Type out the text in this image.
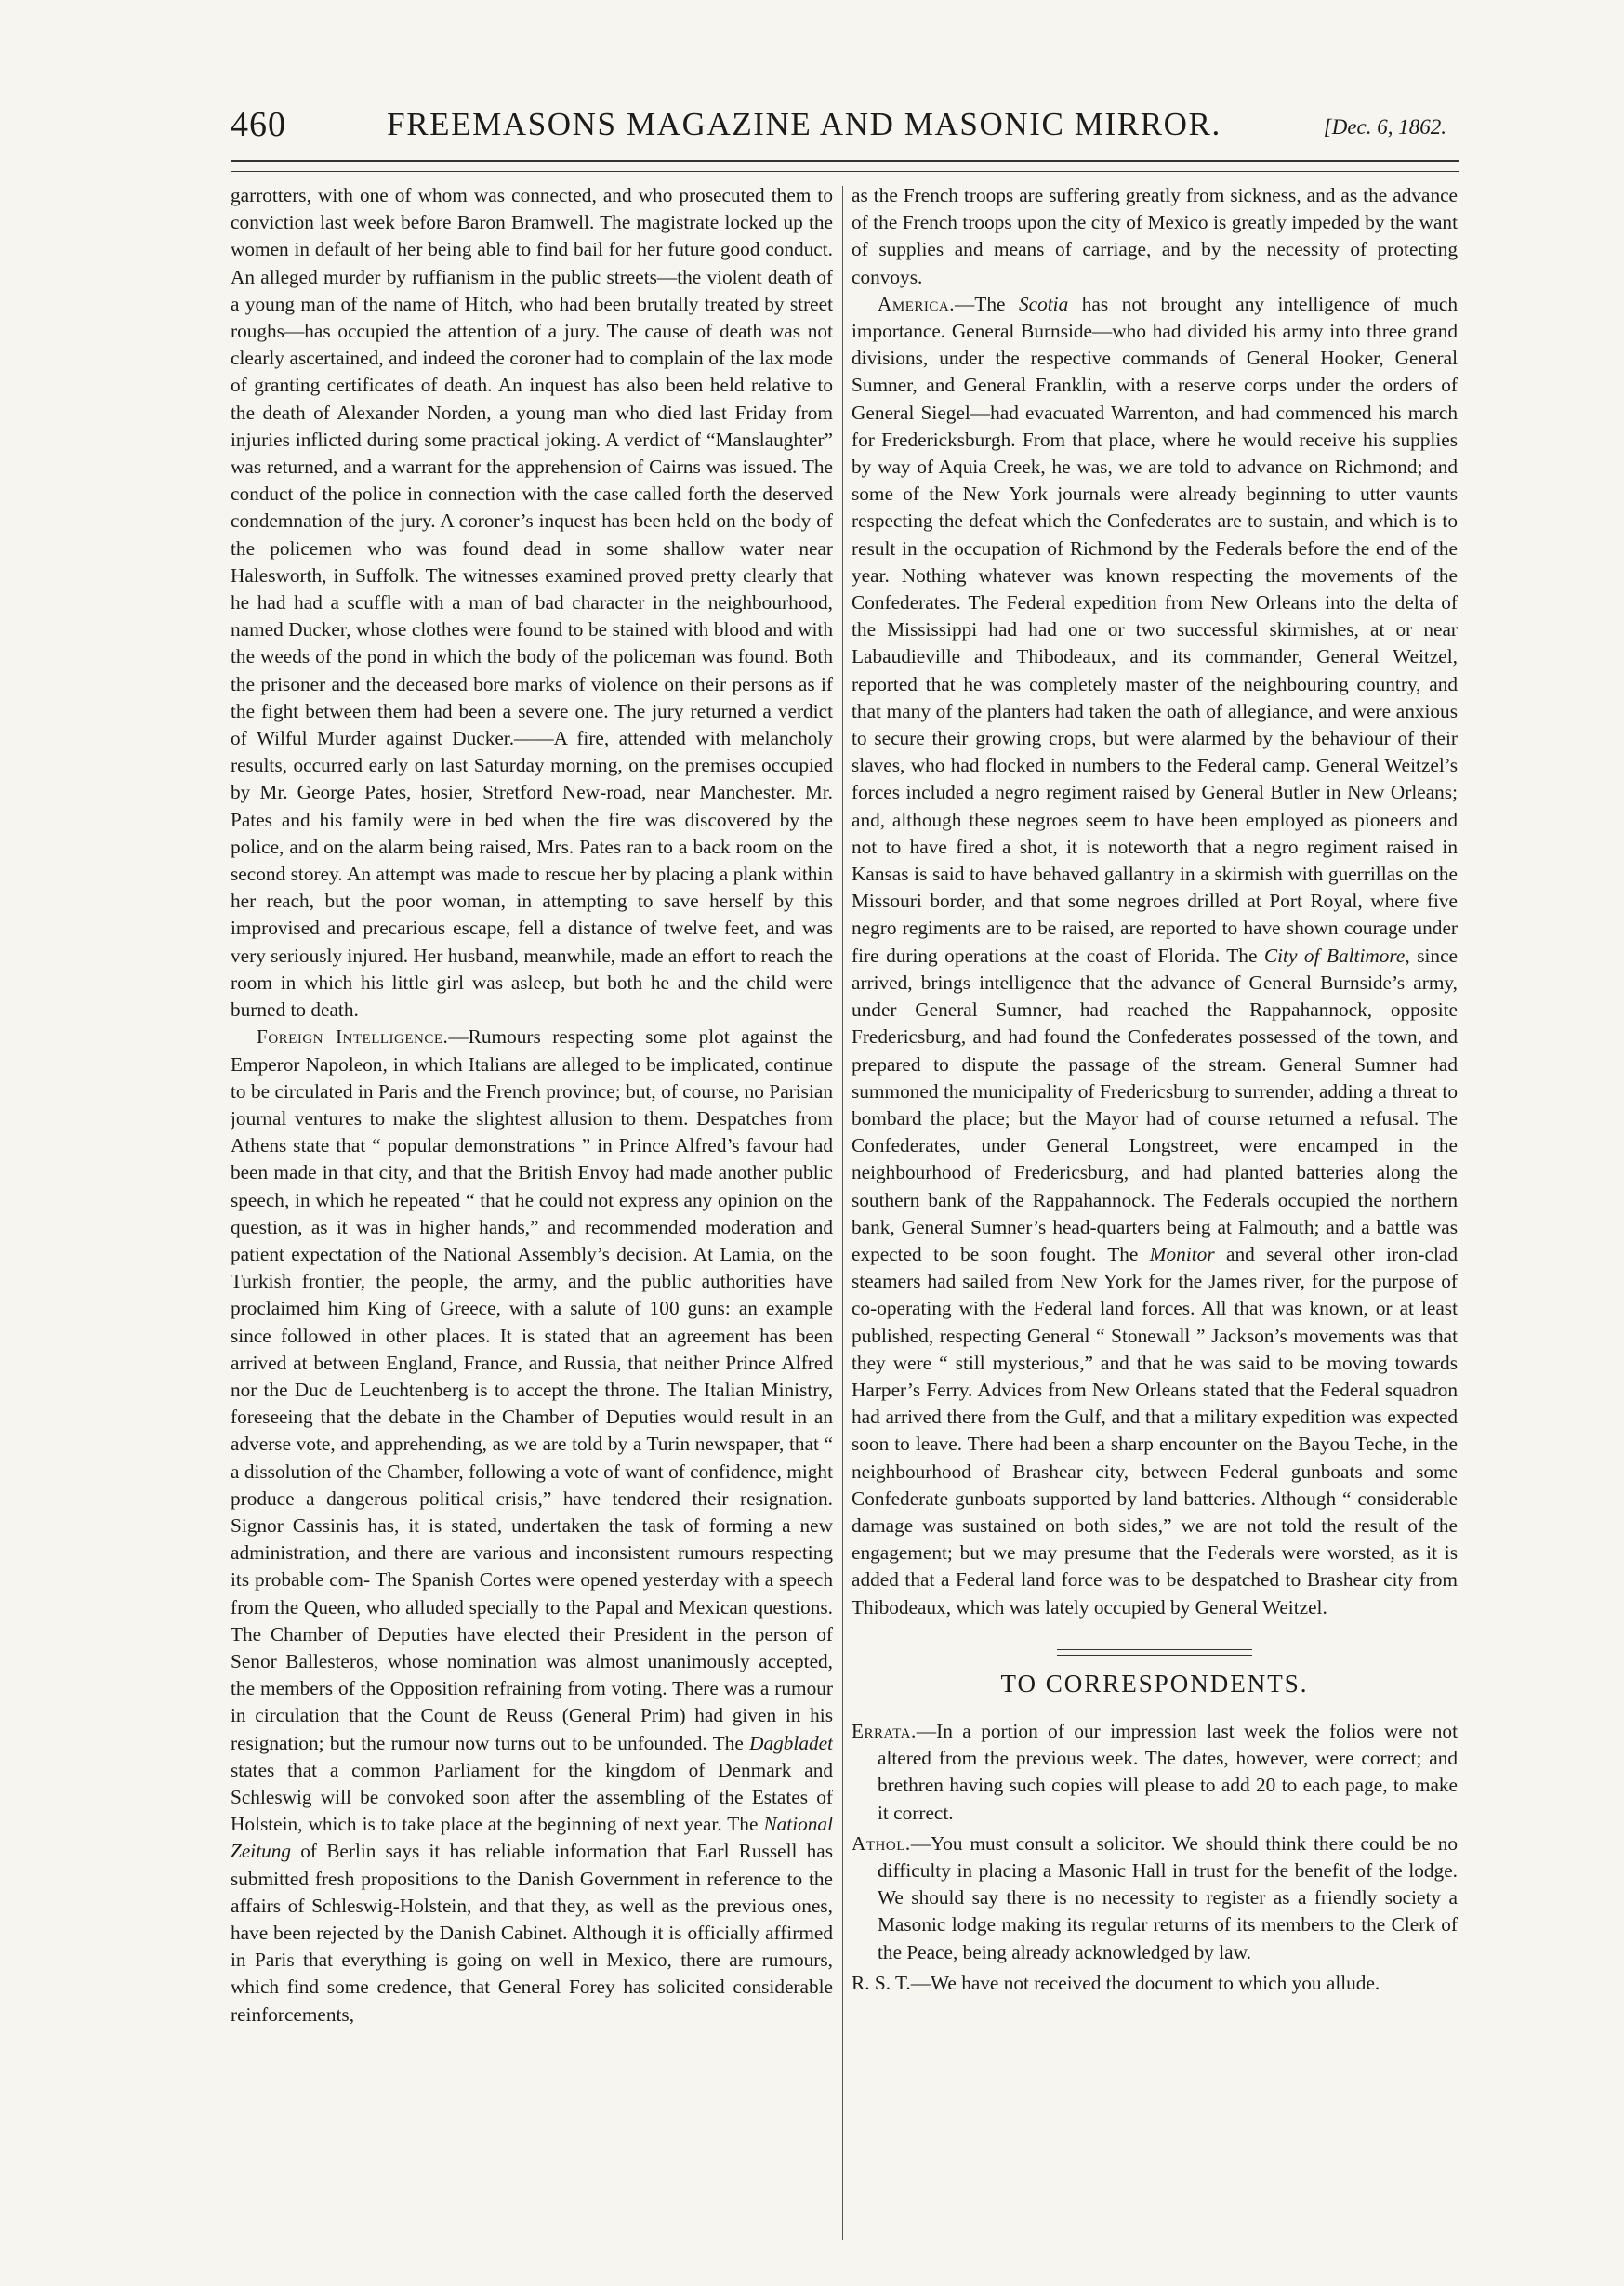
460	FREEMASONS MAGAZINE AND MASONIC MIRROR.	[Dec. 6, 1862.

garrotters, with one of whom was connected, and who prosecuted them to conviction last week before Baron Bramwell. The magistrate locked up the women in default of her being able to find bail for her future good conduct. An alleged murder by ruffianism in the public streets—the violent death of a young man of the name of Hitch, who had been brutally treated by street roughs—has occupied the attention of a jury. The cause of death was not clearly ascertained, and indeed the coroner had to complain of the lax mode of granting certificates of death. An inquest has also been held relative to the death of Alexander Norden, a young man who died last Friday from injuries inflicted during some practical joking. A verdict of “Manslaughter” was returned, and a warrant for the apprehension of Cairns was issued. The conduct of the police in connection with the case called forth the deserved condemnation of the jury. A coroner’s inquest has been held on the body of the policemen who was found dead in some shallow water near Halesworth, in Suffolk. The witnesses examined proved pretty clearly that he had had a scuffle with a man of bad character in the neighbourhood, named Ducker, whose clothes were found to be stained with blood and with the weeds of the pond in which the body of the policeman was found. Both the prisoner and the deceased bore marks of violence on their persons as if the fight between them had been a severe one. The jury returned a verdict of Wilful Murder against Ducker.——A fire, attended with melancholy results, occurred early on last Saturday morning, on the premises occupied by Mr. George Pates, hosier, Stretford New-road, near Manchester. Mr. Pates and his family were in bed when the fire was discovered by the police, and on the alarm being raised, Mrs. Pates ran to a back room on the second storey. An attempt was made to rescue her by placing a plank within her reach, but the poor woman, in attempting to save herself by this improvised and precarious escape, fell a distance of twelve feet, and was very seriously injured. Her husband, meanwhile, made an effort to reach the room in which his little girl was asleep, but both he and the child were burned to death.

Foreign Intelligence.—Rumours respecting some plot against the Emperor Napoleon, in which Italians are alleged to be implicated, continue to be circulated in Paris and the French province; but, of course, no Parisian journal ventures to make the slightest allusion to them. Despatches from Athens state that “ popular demonstrations ” in Prince Alfred’s favour had been made in that city, and that the British Envoy had made another public speech, in which he repeated “ that he could not express any opinion on the question, as it was in higher hands,” and recommended moderation and patient expectation of the National Assembly’s decision. At Lamia, on the Turkish frontier, the people, the army, and the public authorities have proclaimed him King of Greece, with a salute of 100 guns: an example since followed in other places. It is stated that an agreement has been arrived at between England, France, and Russia, that neither Prince Alfred nor the Duc de Leuchtenberg is to accept the throne. The Italian Ministry, foreseeing that the debate in the Chamber of Deputies would result in an adverse vote, and apprehending, as we are told by a Turin newspaper, that “ a dissolution of the Chamber, following a vote of want of confidence, might produce a dangerous political crisis,” have tendered their resignation. Signor Cassinis has, it is stated, undertaken the task of forming a new administration, and there are various and inconsistent rumours respecting its probable com- The Spanish Cortes were opened yesterday with a speech from the Queen, who alluded specially to the Papal and Mexican questions. The Chamber of Deputies have elected their President in the person of Senor Ballesteros, whose nomination was almost unanimously accepted, the members of the Opposition refraining from voting. There was a rumour in circulation that the Count de Reuss (General Prim) had given in his resignation; but the rumour now turns out to be unfounded. The Dagbladet states that a common Parliament for the kingdom of Denmark and Schleswig will be convoked soon after the assembling of the Estates of Holstein, which is to take place at the beginning of next year. The National Zeitung of Berlin says it has reliable information that Earl Russell has submitted fresh propositions to the Danish Government in reference to the affairs of Schleswig-Holstein, and that they, as well as the previous ones, have been rejected by the Danish Cabinet. Although it is officially affirmed in Paris that everything is going on well in Mexico, there are rumours, which find some credence, that General Forey has solicited considerable reinforcements,

as the French troops are suffering greatly from sickness, and as the advance of the French troops upon the city of Mexico is greatly impeded by the want of supplies and means of carriage, and by the necessity of protecting convoys.

America.—The Scotia has not brought any intelligence of much importance. General Burnside—who had divided his army into three grand divisions, under the respective commands of General Hooker, General Sumner, and General Franklin, with a reserve corps under the orders of General Siegel—had evacuated Warrenton, and had commenced his march for Fredericksburgh. From that place, where he would receive his supplies by way of Aquia Creek, he was, we are told to advance on Richmond; and some of the New York journals were already beginning to utter vaunts respecting the defeat which the Confederates are to sustain, and which is to result in the occupation of Richmond by the Federals before the end of the year. Nothing whatever was known respecting the movements of the Confederates. The Federal expedition from New Orleans into the delta of the Mississippi had had one or two successful skirmishes, at or near Labaudieville and Thibodeaux, and its commander, General Weitzel, reported that he was completely master of the neighbouring country, and that many of the planters had taken the oath of allegiance, and were anxious to secure their growing crops, but were alarmed by the behaviour of their slaves, who had flocked in numbers to the Federal camp. General Weitzel’s forces included a negro regiment raised by General Butler in New Orleans; and, although these negroes seem to have been employed as pioneers and not to have fired a shot, it is noteworth that a negro regiment raised in Kansas is said to have behaved gallantry in a skirmish with guerrillas on the Missouri border, and that some negroes drilled at Port Royal, where five negro regiments are to be raised, are reported to have shown courage under fire during operations at the coast of Florida. The City of Baltimore, since arrived, brings intelligence that the advance of General Burnside’s army, under General Sumner, had reached the Rappahannock, opposite Fredericsburg, and had found the Confederates possessed of the town, and prepared to dispute the passage of the stream. General Sumner had summoned the municipality of Fredericsburg to surrender, adding a threat to bombard the place; but the Mayor had of course returned a refusal. The Confederates, under General Longstreet, were encamped in the neighbourhood of Fredericsburg, and had planted batteries along the southern bank of the Rappahannock. The Federals occupied the northern bank, General Sumner’s head-quarters being at Falmouth; and a battle was expected to be soon fought. The Monitor and several other iron-clad steamers had sailed from New York for the James river, for the purpose of co-operating with the Federal land forces. All that was known, or at least published, respecting General “ Stonewall ” Jackson’s movements was that they were “ still mysterious,” and that he was said to be moving towards Harper’s Ferry. Advices from New Orleans stated that the Federal squadron had arrived there from the Gulf, and that a military expedition was expected soon to leave. There had been a sharp encounter on the Bayou Teche, in the neighbourhood of Brashear city, between Federal gunboats and some Confederate gunboats supported by land batteries. Although “ considerable damage was sustained on both sides,” we are not told the result of the engagement; but we may presume that the Federals were worsted, as it is added that a Federal land force was to be despatched to Brashear city from Thibodeaux, which was lately occupied by General Weitzel.

TO CORRESPONDENTS.

Errata.—In a portion of our impression last week the folios were not altered from the previous week. The dates, however, were correct; and brethren having such copies will please to add 20 to each page, to make it correct.

Athol.—You must consult a solicitor. We should think there could be no difficulty in placing a Masonic Hall in trust for the benefit of the lodge. We should say there is no necessity to register as a friendly society a Masonic lodge making its regular returns of its members to the Clerk of the Peace, being already acknowledged by law.

R. S. T.—We have not received the document to which you allude.
